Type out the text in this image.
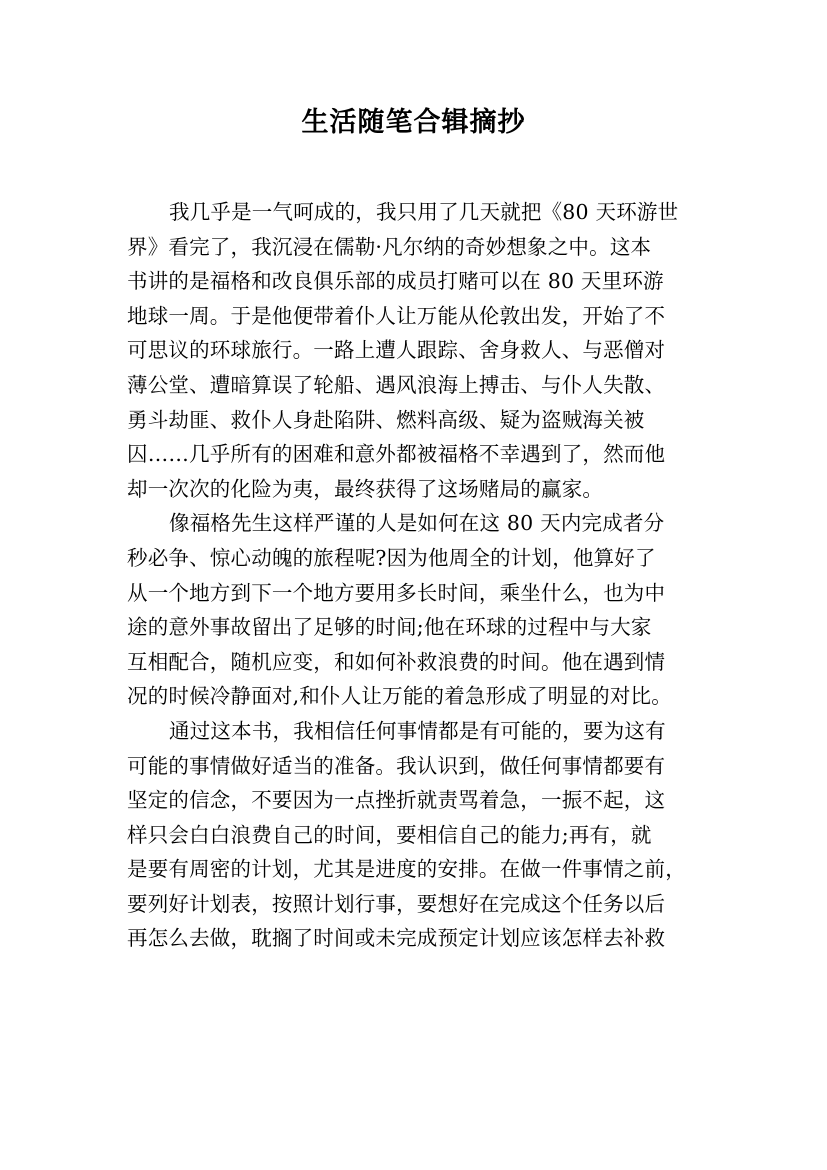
生活随笔合辑摘抄
我几乎是一气呵成的，我只用了几天就把《80 天环游世
界》看完了，我沉浸在儒勒·凡尔纳的奇妙想象之中。这本
书讲的是福格和改良俱乐部的成员打赌可以在 80 天里环游
地球一周。于是他便带着仆人让万能从伦敦出发，开始了不
可思议的环球旅行。一路上遭人跟踪、舍身救人、与恶僧对
薄公堂、遭暗算误了轮船、遇风浪海上搏击、与仆人失散、
勇斗劫匪、救仆人身赴陷阱、燃料高级、疑为盗贼海关被
囚……几乎所有的困难和意外都被福格不幸遇到了，然而他
却一次次的化险为夷，最终获得了这场赌局的赢家。
像福格先生这样严谨的人是如何在这 80 天内完成者分
秒必争、惊心动魄的旅程呢?因为他周全的计划，他算好了
从一个地方到下一个地方要用多长时间，乘坐什么，也为中
途的意外事故留出了足够的时间;他在环球的过程中与大家
互相配合，随机应变，和如何补救浪费的时间。他在遇到情
况的时候冷静面对,和仆人让万能的着急形成了明显的对比。
通过这本书，我相信任何事情都是有可能的，要为这有
可能的事情做好适当的准备。我认识到，做任何事情都要有
坚定的信念，不要因为一点挫折就责骂着急，一振不起，这
样只会白白浪费自己的时间，要相信自己的能力;再有，就
是要有周密的计划，尤其是进度的安排。在做一件事情之前，
要列好计划表，按照计划行事，要想好在完成这个任务以后
再怎么去做，耽搁了时间或未完成预定计划应该怎样去补救
